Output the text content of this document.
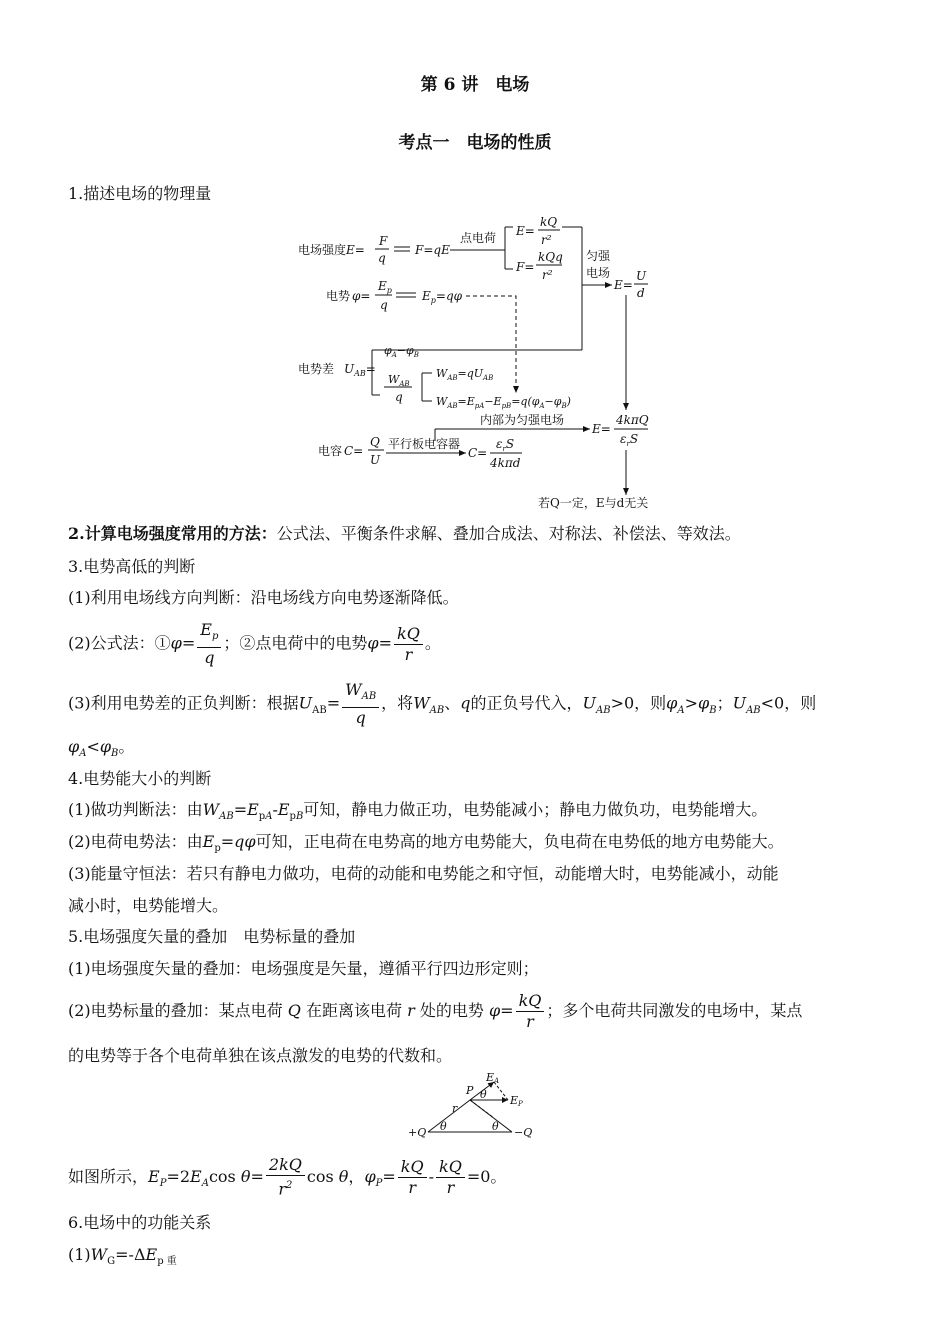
第 6 讲　电场
考点一　电场的性质
1.描述电场的物理量
电场强度 E=
F
q
F=qE
点电荷 E=
kQ
r²
F=
kQq
r²
匀强
电场
E=
U
d
电势 φ=
$E_p$
q
$E_p=q\varphi$
电势差 $U_{AB}=$
$\varphi_A-\varphi_B$
$W_{AB}$
q
$W_{AB}=qU_{AB}$
$W_{AB}=E_{pA}-E_{pB}=q(\varphi_A-\varphi_B)$
内部为匀强电场
E=
4kπQ
$\varepsilon_rS$
电容 C=
Q
U
平行板电容器
C=
$\varepsilon_rS$
4kπd
若Q一定，E与d无关
2.计算电场强度常用的方法：公式法、平衡条件求解、叠加合成法、对称法、补偿法、等效法。
3.电势高低的判断
(1)利用电场线方向判断：沿电场线方向电势逐渐降低。
(2)公式法：①φ= $\frac{E_p}{q}$ ；②点电荷中的电势$\varphi= \frac{kQ}{r}$ 。
(3)利用电势差的正负判断：根据$U_{AB}= \frac{W_{AB}}{q}$ ，将$W_{AB}$、q的正负号代入，$U_{AB}>0$，则$\varphi_A>\varphi_B$；$U_{AB}<0$，则
$\varphi_A<\varphi_B$。
4.电势能大小的判断
(1)做功判断法：由$W_{AB}=E_{pA}-E_{pB}$可知，静电力做正功，电势能减小；静电力做负功，电势能增大。
(2)电荷电势法：由$E_p=q\varphi$可知，正电荷在电势高的地方电势能大，负电荷在电势低的地方电势能大。
(3)能量守恒法：若只有静电力做功，电荷的动能和电势能之和守恒，动能增大时，电势能减小，动能
减小时，电势能增大。
5.电场强度矢量的叠加　电势标量的叠加
(1)电场强度矢量的叠加：电场强度是矢量，遵循平行四边形定则；
(2)电势标量的叠加：某点电荷 Q 在距离该电荷 r 处的电势 $\varphi= \frac{kQ}{r}$ ；多个电荷共同激发的电场中，某点
的电势等于各个电荷单独在该点激发的电势的代数和。
+Q	−Q
P
EA
EP
r
θ	θ
θ
如图所示，$E_P=2E_A\cos$ $\theta= \frac{2kQ}{r^2}$ cos θ，$\varphi_P= \frac{kQ}{r} - \frac{kQ}{r} =0$。
6.电场中的功能关系
$(1)W_G=-\Delta E_{p 重}$
